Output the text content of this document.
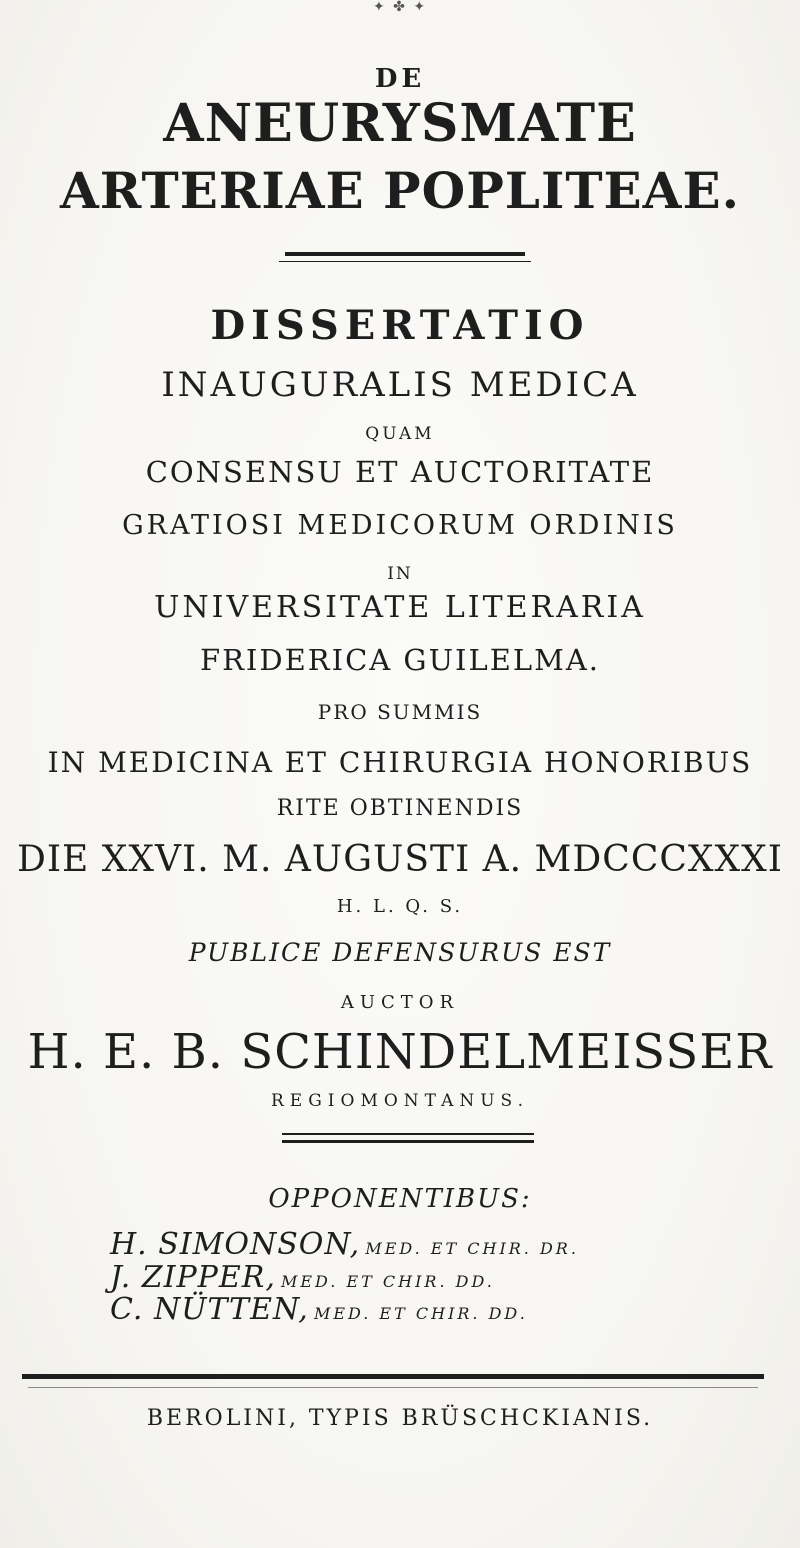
✦ ✤ ✦
DE
ANEURYSMATE
ARTERIAE POPLITEAE.
DISSERTATIO
INAUGURALIS MEDICA
QUAM
CONSENSU ET AUCTORITATE
GRATIOSI MEDICORUM ORDINIS
IN
UNIVERSITATE LITERARIA
FRIDERICA GUILELMA.
PRO SUMMIS
IN MEDICINA ET CHIRURGIA HONORIBUS
RITE OBTINENDIS
DIE XXVI. M. AUGUSTI A. MDCCCXXXI
H. L. Q. S.
PUBLICE DEFENSURUS EST
AUCTOR
H. E. B. SCHINDELMEISSER
REGIOMONTANUS.
OPPONENTIBUS:
H. SIMONSON, MED. ET CHIR. DR.
J. ZIPPER, MED. ET CHIR. DD.
C. NÜTTEN, MED. ET CHIR. DD.
BEROLINI, TYPIS BRÜSCHCKIANIS.
